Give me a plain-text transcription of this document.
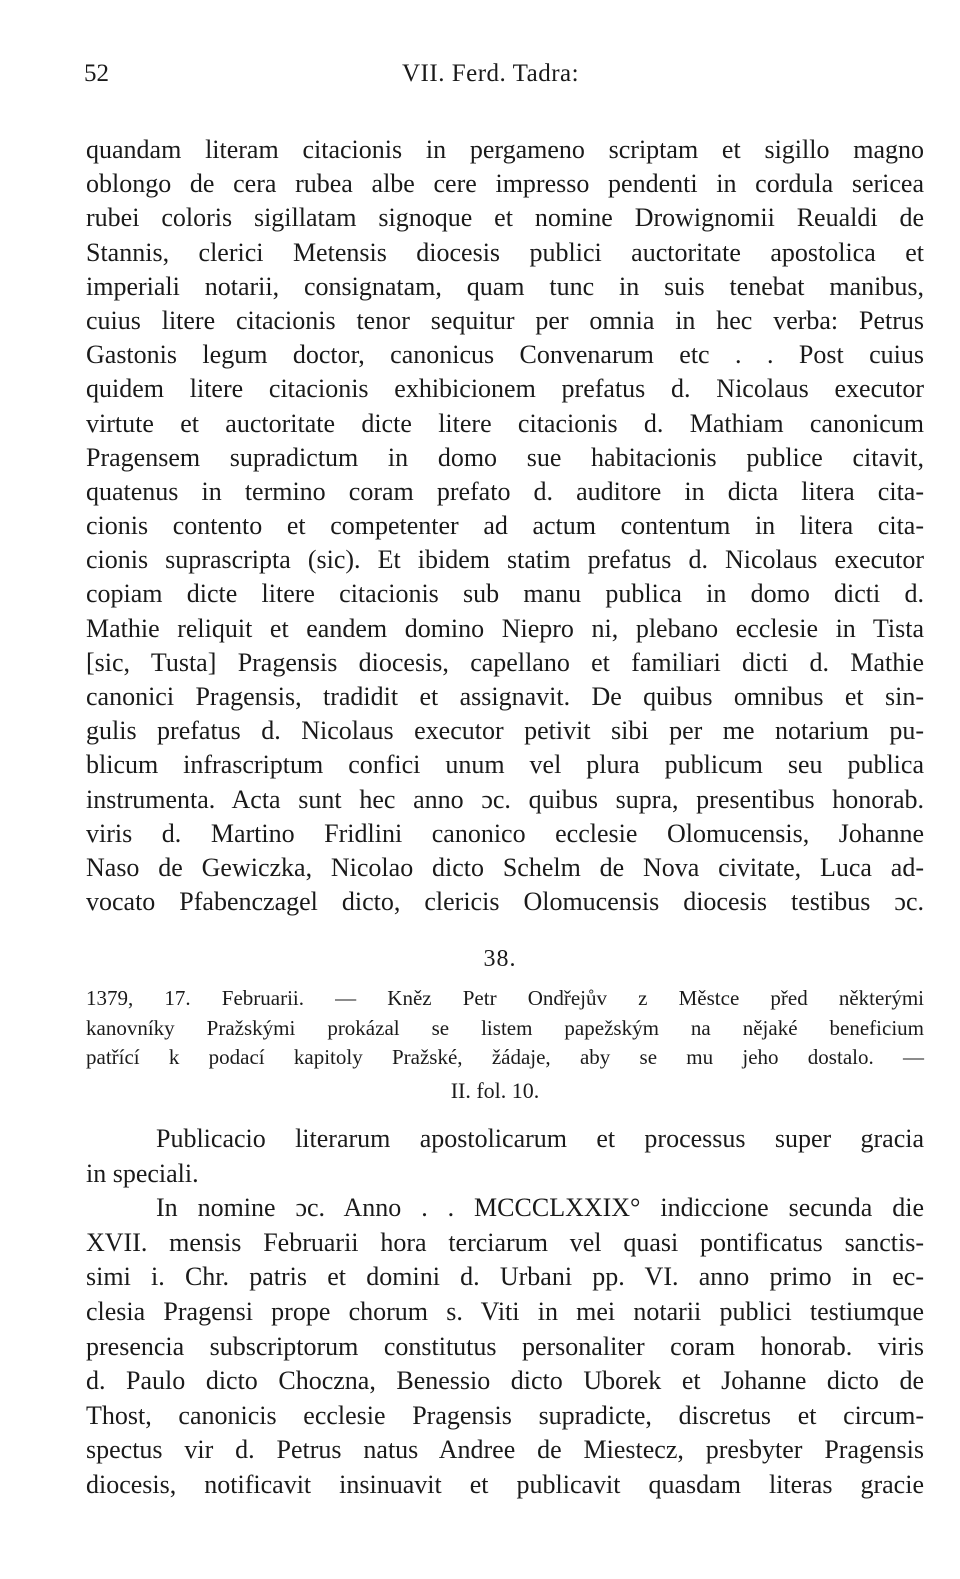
52	VII. Ferd. Tadra:
quandam literam citacionis in pergameno scriptam et sigillo magno
oblongo de cera rubea albe cere impresso pendenti in cordula sericea
rubei coloris sigillatam signoque et nomine Drowignomii Reualdi de
Stannis, clerici Metensis diocesis publici auctoritate apostolica et
imperiali notarii, consignatam, quam tunc in suis tenebat manibus,
cuius litere citacionis tenor sequitur per omnia in hec verba: Petrus
Gastonis legum doctor, canonicus Convenarum etc . . Post cuius
quidem litere citacionis exhibicionem prefatus d. Nicolaus executor
virtute et auctoritate dicte litere citacionis d. Mathiam canonicum
Pragensem supradictum in domo sue habitacionis publice citavit,
quatenus in termino coram prefato d. auditore in dicta litera cita-
cionis contento et competenter ad actum contentum in litera cita-
cionis suprascripta (sic). Et ibidem statim prefatus d. Nicolaus executor
copiam dicte litere citacionis sub manu publica in domo dicti d.
Mathie reliquit et eandem domino Niepro ni, plebano ecclesie in Tista
[sic, Tusta] Pragensis diocesis, capellano et familiari dicti d. Mathie
canonici Pragensis, tradidit et assignavit. De quibus omnibus et sin-
gulis prefatus d. Nicolaus executor petivit sibi per me notarium pu-
blicum infrascriptum confici unum vel plura publicum seu publica
instrumenta. Acta sunt hec anno ɔc. quibus supra, presentibus honorab.
viris d. Martino Fridlini canonico ecclesie Olomucensis, Johanne
Naso de Gewiczka, Nicolao dicto Schelm de Nova civitate, Luca ad-
vocato Pfabenczagel dicto, clericis Olomucensis diocesis testibus ɔc.
38.
1379, 17. Februarii. — Kněz Petr Ondřejův z Městce před některými
kanovníky Pražskými prokázal se listem papežským na nějaké beneficium
patřící k podací kapitoly Pražské, žádaje, aby se mu jeho dostalo. —
II. fol. 10.
Publicacio literarum apostolicarum et processus super gracia
in speciali.
In nomine ɔc. Anno . . MCCCLXXIX° indiccione secunda die
XVII. mensis Februarii hora terciarum vel quasi pontificatus sanctis-
simi i. Chr. patris et domini d. Urbani pp. VI. anno primo in ec-
clesia Pragensi prope chorum s. Viti in mei notarii publici testiumque
presencia subscriptorum constitutus personaliter coram honorab. viris
d. Paulo dicto Choczna, Benessio dicto Uborek et Johanne dicto de
Thost, canonicis ecclesie Pragensis supradicte, discretus et circum-
spectus vir d. Petrus natus Andree de Miestecz, presbyter Pragensis
diocesis, notificavit insinuavit et publicavit quasdam literas gracie
